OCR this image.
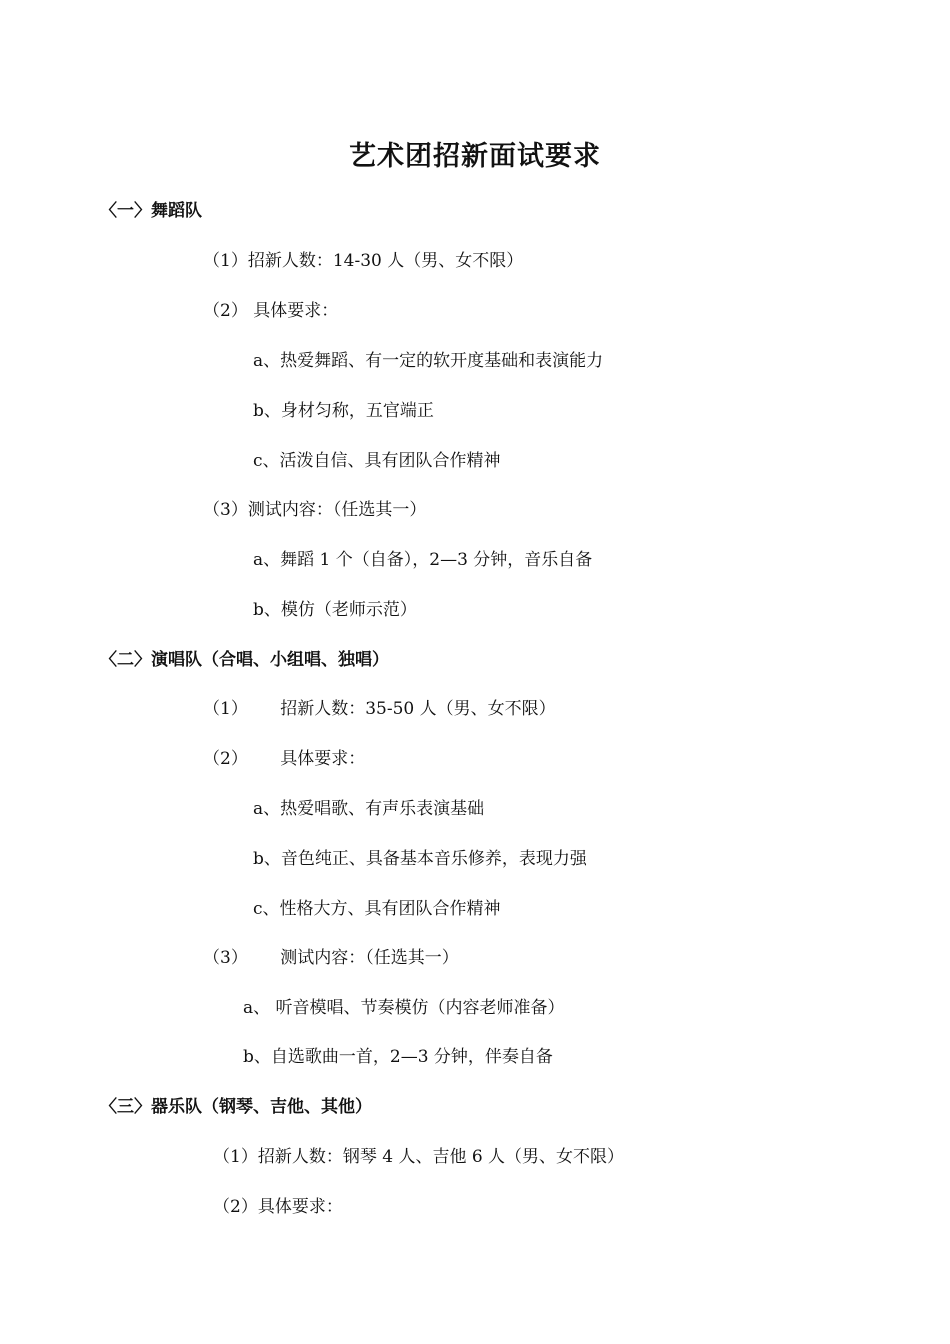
艺术团招新面试要求
〈一〉舞蹈队
（1）招新人数：14-30 人（男、女不限）
（2） 具体要求：
a、热爱舞蹈、有一定的软开度基础和表演能力
b、身材匀称，五官端正
c、活泼自信、具有团队合作精神
（3）测试内容：（任选其一）
a、舞蹈 1 个（自备），2—3 分钟，音乐自备
b、模仿（老师示范）
〈二〉演唱队（合唱、小组唱、独唱）
（1）      招新人数：35-50 人（男、女不限）
（2）      具体要求：
a、热爱唱歌、有声乐表演基础
b、音色纯正、具备基本音乐修养，表现力强
c、性格大方、具有团队合作精神
（3）      测试内容：（任选其一）
a、 听音模唱、节奏模仿（内容老师准备）
b、自选歌曲一首，2—3 分钟，伴奏自备
〈三〉器乐队（钢琴、吉他、其他）
（1）招新人数：钢琴 4 人、吉他 6 人（男、女不限）
（2）具体要求：
